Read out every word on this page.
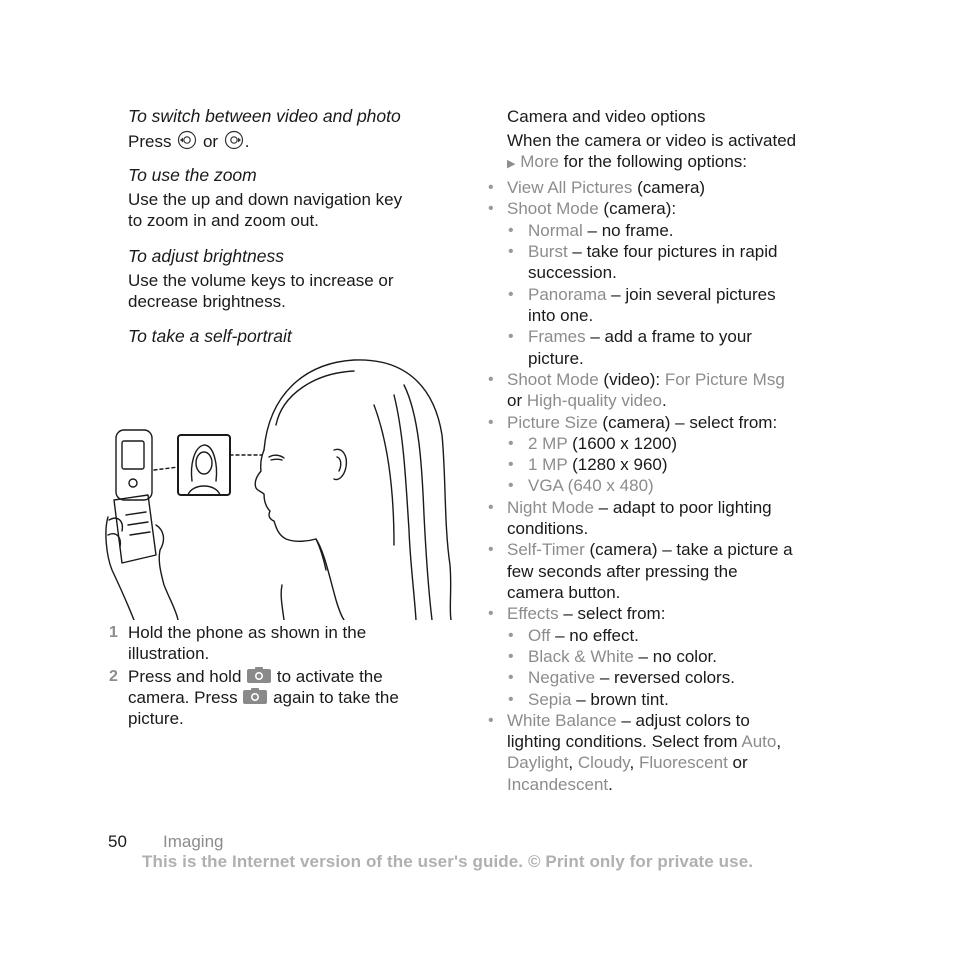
To switch between video and photo
Press or .
To use the zoom
Use the up and down navigation key
to zoom in and zoom out.
To adjust brightness
Use the volume keys to increase or
decrease brightness.
To take a self-portrait
1 Hold the phone as shown in the
illustration.
2 Press and hold to activate the
camera. Press again to take the
picture.
Camera and video options
When the camera or video is activated
▶ More for the following options:
• View All Pictures (camera)
• Shoot Mode (camera):
• Normal – no frame.
• Burst – take four pictures in rapid
succession.
• Panorama – join several pictures
into one.
• Frames – add a frame to your
picture.
• Shoot Mode (video): For Picture Msg
or High-quality video.
• Picture Size (camera) – select from:
• 2 MP (1600 x 1200)
• 1 MP (1280 x 960)
• VGA (640 x 480)
• Night Mode – adapt to poor lighting
conditions.
• Self-Timer (camera) – take a picture a
few seconds after pressing the
camera button.
• Effects – select from:
• Off – no effect.
• Black & White – no color.
• Negative – reversed colors.
• Sepia – brown tint.
• White Balance – adjust colors to
lighting conditions. Select from Auto,
Daylight, Cloudy, Fluorescent or
Incandescent.
50 Imaging
This is the Internet version of the user's guide. © Print only for private use.
